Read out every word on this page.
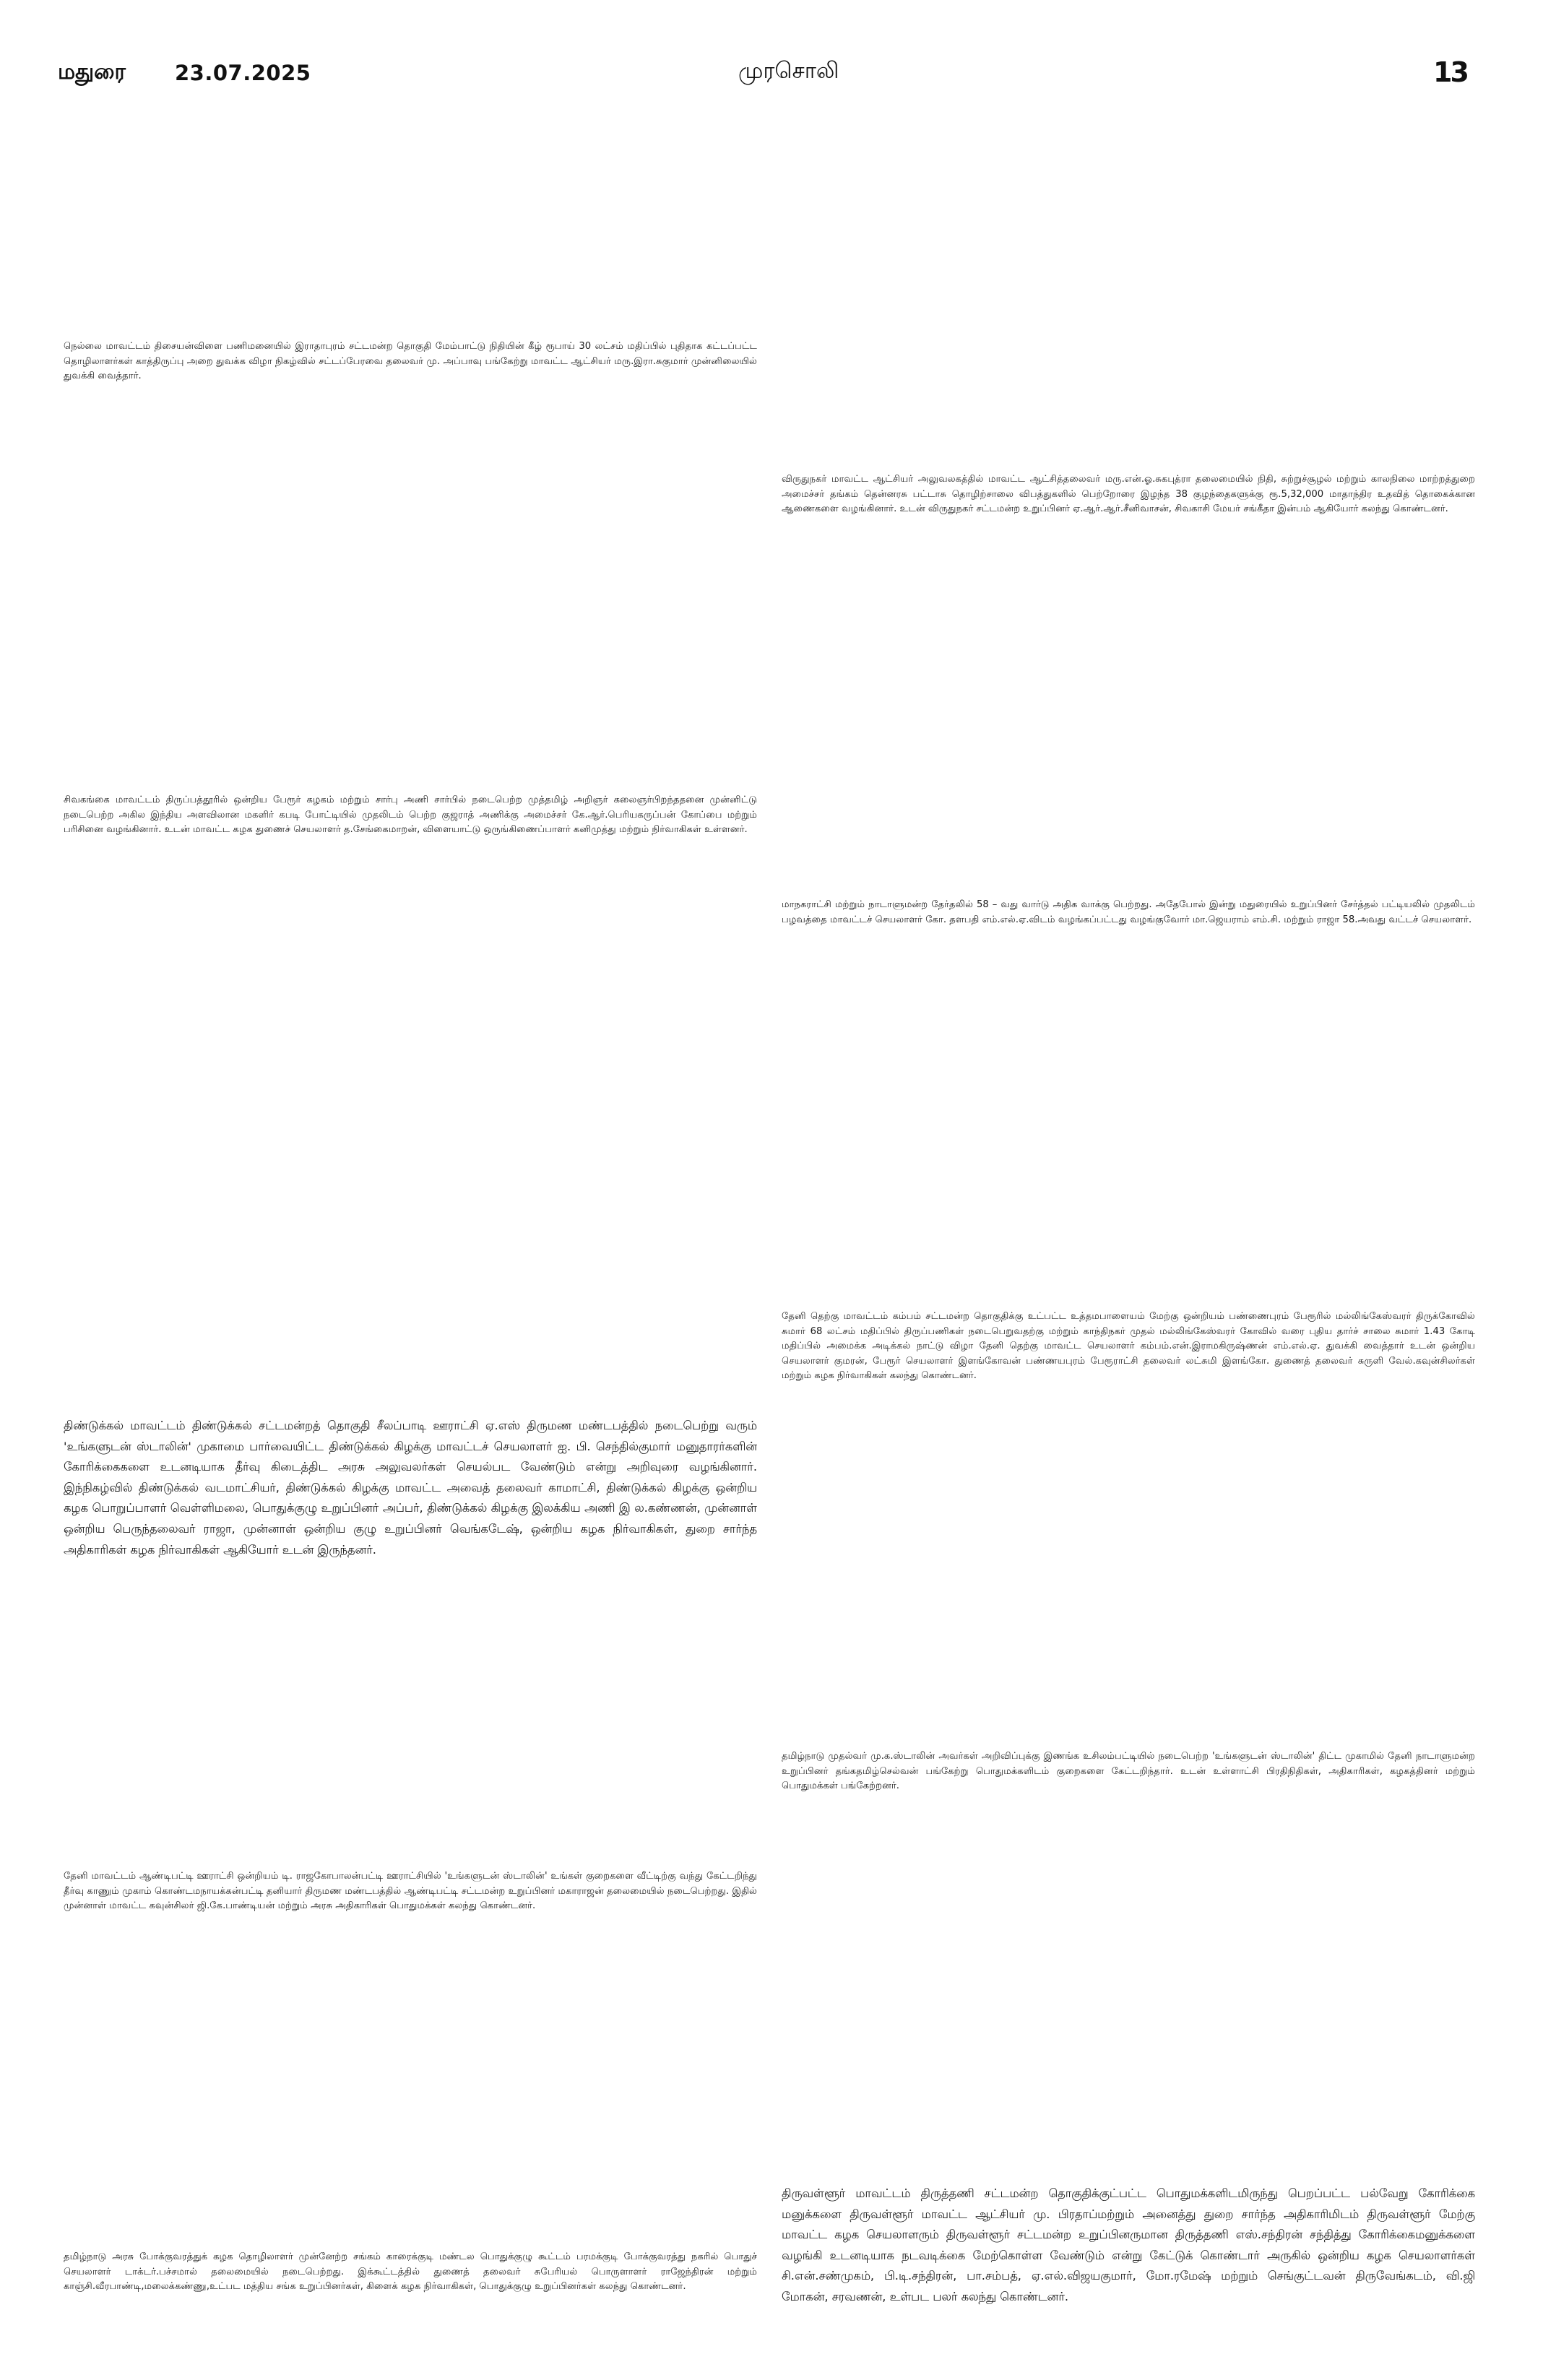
மதுரை 23.07.2025	முரசொலி	13

நெல்லை மாவட்டம் திசையன்விளை பணிமனையில் இராதாபுரம் சட்டமன்ற தொகுதி மேம்பாட்டு நிதியின் கீழ் ரூபாய் 30 லட்சம் மதிப்பில் புதிதாக கட்டப்பட்ட தொழிலாளர்கள் காத்திருப்பு அறை துவக்க விழா நிகழ்வில் சட்டப்பேரவை தலைவர் மு. அப்பாவு பங்கேற்று மாவட்ட ஆட்சியர் மரு.இரா.சுகுமார் முன்னிலையில் துவக்கி வைத்தார்.

விருதுநகர் மாவட்ட ஆட்சியர் அலுவலகத்தில் மாவட்ட ஆட்சித்தலைவர் மரு.என்.ஓ.சுகபுத்ரா தலைமையில் நிதி, சுற்றுச்சூழல் மற்றும் காலநிலை மாற்றத்துறை அமைச்சர் தங்கம் தென்னரசு பட்டாசு தொழிற்சாலை விபத்துகளில் பெற்றோரை இழந்த 38 குழந்தைகளுக்கு ரூ.5,32,000 மாதாந்திர உதவித் தொகைக்கான ஆணைகளை வழங்கினார். உடன் விருதுநகர் சட்டமன்ற உறுப்பினர் ஏ.ஆர்.ஆர்.சீனிவாசன், சிவகாசி மேயர் சங்கீதா இன்பம் ஆகியோர் கலந்து கொண்டனர்.

சிவகங்கை மாவட்டம் திருப்பத்தூரில் ஒன்றிய பேரூர் கழகம் மற்றும் சார்பு அணி சார்பில் நடைபெற்ற முத்தமிழ் அறிஞர் கலைஞர்பிறந்ததனை முன்னிட்டு நடைபெற்ற அகில இந்திய அளவிலான மகளிர் கபடி போட்டியில் முதலிடம் பெற்ற குஜராத் அணிக்கு அமைச்சர் கே.ஆர்.பெரியகருப்பன் கோப்பை மற்றும் பரிசினை வழங்கினார். உடன் மாவட்ட கழக துணைச் செயலாளர் த.சேங்கைமாறன், விளையாட்டு ஒருங்கிணைப்பாளர் கனிமுத்து மற்றும் நிர்வாகிகள் உள்ளனர்.

மாநகராட்சி மற்றும் நாடாளுமன்ற தேர்தலில் 58 – வது வார்டு அதிக வாக்கு பெற்றது. அதேபோல் இன்று மதுரையில் உறுப்பினர் சேர்த்தல் பட்டியலில் முதலிடம் பழவத்தை மாவட்டச் செயலாளர் கோ. தளபதி எம்.எல்.ஏ.விடம் வழங்கப்பட்டது வழங்குவோர் மா.ஜெயராம் எம்.சி. மற்றும் ராஜா 58.அவது வட்டச் செயலாளர்.

தேனி தெற்கு மாவட்டம் கம்பம் சட்டமன்ற தொகுதிக்கு உட்பட்ட உத்தமபாளையம் மேற்கு ஒன்றியம் பண்ணைபுரம் பேரூரில் மல்லிங்கேஸ்வரர் திருக்கோவில் சுமார் 68 லட்சம் மதிப்பில் திருப்பணிகள் நடைபெறுவதற்கு மற்றும் காந்திநகர் முதல் மல்லிங்கேஸ்வரர் கோவில் வரை புதிய தார்ச் சாலை சுமார் 1.43 கோடி மதிப்பில் அமைக்க அடிக்கல் நாட்டு விழா தேனி தெற்கு மாவட்ட செயலாளர் கம்பம்.என்.இராமகிருஷ்ணன் எம்.எல்.ஏ. துவக்கி வைத்தார் உடன் ஒன்றிய செயலாளர் குமரன், பேரூர் செயலாளர் இளங்கோவன் பண்ணயபுரம் பேரூராட்சி தலைவர் லட்சுமி இளங்கோ. துணைத் தலைவர் சுருளி வேல்.கவுன்சிலர்கள் மற்றும் கழக நிர்வாகிகள் கலந்து கொண்டனர்.

திண்டுக்கல் மாவட்டம் திண்டுக்கல் சட்டமன்றத் தொகுதி சீலப்பாடி ஊராட்சி ஏ.எஸ் திருமண மண்டபத்தில் நடைபெற்று வரும் 'உங்களுடன் ஸ்டாலின்' முகாமை பார்வையிட்ட திண்டுக்கல் கிழக்கு மாவட்டச் செயலாளர் ஐ. பி. செந்தில்குமார் மனுதாரர்களின் கோரிக்கைகளை உடனடியாக தீர்வு கிடைத்திட அரசு அலுவலர்கள் செயல்பட வேண்டும் என்று அறிவுரை வழங்கினார். இந்நிகழ்வில் திண்டுக்கல் வடமாட்சியர், திண்டுக்கல் கிழக்கு மாவட்ட அவைத் தலைவர் காமாட்சி, திண்டுக்கல் கிழக்கு ஒன்றிய கழக பொறுப்பாளர் வெள்ளிமலை, பொதுக்குழு உறுப்பினர் அப்பர், திண்டுக்கல் கிழக்கு இலக்கிய அணி இ ல.கண்ணன், முன்னாள் ஒன்றிய பெருந்தலைவர் ராஜா, முன்னாள் ஒன்றிய குழு உறுப்பினர் வெங்கடேஷ், ஒன்றிய கழக நிர்வாகிகள், துறை சார்ந்த அதிகாரிகள் கழக நிர்வாகிகள் ஆகியோர் உடன் இருந்தனர்.

தமிழ்நாடு முதல்வர் மு.க.ஸ்டாலின் அவர்கள் அறிவிப்புக்கு இணங்க உசிலம்பட்டியில் நடைபெற்ற 'உங்களுடன் ஸ்டாலின்' திட்ட முகாமில் தேனி நாடாளுமன்ற உறுப்பினர் தங்கதமிழ்செல்வன் பங்கேற்று பொதுமக்களிடம் குறைகளை கேட்டறிந்தார். உடன் உள்ளாட்சி பிரதிநிதிகள், அதிகாரிகள், கழகத்தினர் மற்றும் பொதுமக்கள் பங்கேற்றனர்.

தேனி மாவட்டம் ஆண்டிபட்டி ஊராட்சி ஒன்றியம் டி. ராஜகோபாலன்பட்டி ஊராட்சியில் 'உங்களுடன் ஸ்டாலின்' உங்கள் குறைகளை வீட்டிற்கு வந்து கேட்டறிந்து தீர்வு காணும் முகாம் கொண்டமநாயக்கன்பட்டி தனியார் திருமண மண்டபத்தில் ஆண்டிபட்டி சட்டமன்ற உறுப்பினர் மகாராஜன் தலைமையில் நடைபெற்றது. இதில் முன்னாள் மாவட்ட கவுன்சிலர் ஜி.கே.பாண்டியன் மற்றும் அரசு அதிகாரிகள் பொதுமக்கள் கலந்து கொண்டனர்.

திருவள்ளூர் மாவட்டம் திருத்தணி சட்டமன்ற தொகுதிக்குட்பட்ட பொதுமக்களிடமிருந்து பெறப்பட்ட பல்வேறு கோரிக்கை மனுக்களை திருவள்ளூர் மாவட்ட ஆட்சியர் மு. பிரதாப்மற்றும் அனைத்து துறை சார்ந்த அதிகாரிமிடம் திருவள்ளூர் மேற்கு மாவட்ட கழக செயலாளரும் திருவள்ளூர் சட்டமன்ற உறுப்பினருமான திருத்தணி எஸ்.சந்திரன் சந்தித்து கோரிக்கைமனுக்களை வழங்கி உடனடியாக நடவடிக்கை மேற்கொள்ள வேண்டும் என்று கேட்டுக் கொண்டார் அருகில் ஒன்றிய கழக செயலாளர்கள் சி.என்.சண்முகம், பி.டி.சந்திரன், பா.சம்பத், ஏ.எல்.விஜயகுமார், மோ.ரமேஷ் மற்றும் செங்குட்டவன் திருவேங்கடம், வி.ஜி மோகன், சரவணன், உள்பட பலர் கலந்து கொண்டனர்.

தமிழ்நாடு அரசு போக்குவரத்துக் கழக தொழிலாளர் முன்னேற்ற சங்கம் காரைக்குடி மண்டல பொதுக்குழு கூட்டம் பரமக்குடி போக்குவரத்து நகரில் பொதுச் செயலாளர் டாக்டர்.பச்சமால் தலைமையில் நடைபெற்றது. இக்கூட்டத்தில் துணைத் தலைவர் சுபேரியல் பொருளாளர் ராஜேந்திரன் மற்றும் காஞ்சி.வீரபாண்டி,மலைக்கண்ணு,உட்பட மத்திய சங்க உறுப்பினர்கள், கிளைக் கழக நிர்வாகிகள், பொதுக்குழு உறுப்பினர்கள் கலந்து கொண்டனர்.
